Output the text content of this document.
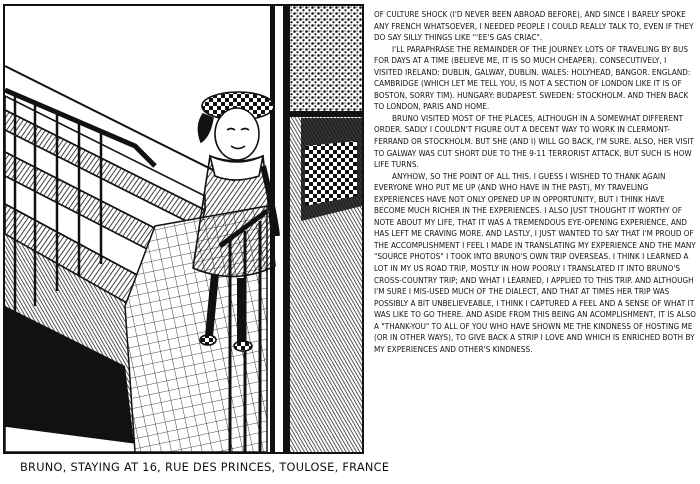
BRUNO, STAYING AT 16, RUE DES PRINCES, TOULOSE, FRANCE

OF CULTURE SHOCK (I'D NEVER BEEN ABROAD BEFORE), AND SINCE I BARELY SPOKE ANY FRENCH WHATSOEVER, I NEEDED PEOPLE I COULD REALLY TALK TO, EVEN IF THEY DO SAY SILLY THINGS LIKE "'EE'S GAS CRIAC".

I'LL PARAPHRASE THE REMAINDER OF THE JOURNEY. LOTS OF TRAVELING BY BUS FOR DAYS AT A TIME (BELIEVE ME, IT IS SO MUCH CHEAPER). CONSECUTIVELY, I VISITED IRELAND: DUBLIN, GALWAY, DUBLIN. WALES: HOLYHEAD, BANGOR. ENGLAND: CAMBRIDGE (WHICH LET ME TELL YOU, IS NOT A SECTION OF LONDON LIKE IT IS OF BOSTON, SORRY TIM). HUNGARY: BUDAPEST. SWEDEN: STOCKHOLM. AND THEN BACK TO LONDON, PARIS AND HOME.

BRUNO VISITED MOST OF THE PLACES, ALTHOUGH IN A SOMEWHAT DIFFERENT ORDER. SADLY I COULDN'T FIGURE OUT A DECENT WAY TO WORK IN CLERMONT-FERRAND OR STOCKHOLM. BUT SHE (AND I) WILL GO BACK, I'M SURE. ALSO, HER VISIT TO GALWAY WAS CUT SHORT DUE TO THE 9-11 TERRORIST ATTACK, BUT SUCH IS HOW LIFE TURNS.

ANYHOW, SO THE POINT OF ALL THIS. I GUESS I WISHED TO THANK AGAIN EVERYONE WHO PUT ME UP (AND WHO HAVE IN THE PAST), MY TRAVELING EXPERIENCES HAVE NOT ONLY OPENED UP IN OPPORTUNITY, BUT I THINK HAVE BECOME MUCH RICHER IN THE EXPERIENCES. I ALSO JUST THOUGHT IT WORTHY OF NOTE ABOUT MY LIFE, THAT IT WAS A TREMENDOUS EYE-OPENING EXPERIENCE, AND HAS LEFT ME CRAVING MORE. AND LASTLY, I JUST WANTED TO SAY THAT I'M PROUD OF THE ACCOMPLISHMENT I FEEL I MADE IN TRANSLATING MY EXPERIENCE AND THE MANY "SOURCE PHOTOS" I TOOK INTO BRUNO'S OWN TRIP OVERSEAS. I THINK I LEARNED A LOT IN MY US ROAD TRIP, MOSTLY IN HOW POORLY I TRANSLATED IT INTO BRUNO'S CROSS-COUNTRY TRIP; AND WHAT I LEARNED, I APPLIED TO THIS TRIP. AND ALTHOUGH I'M SURE I MIS-USED MUCH OF THE DIALECT, AND THAT AT TIMES HER TRIP WAS POSSIBLY A BIT UNBELIEVEABLE, I THINK I CAPTURED A FEEL AND A SENSE OF WHAT IT WAS LIKE TO GO THERE. AND ASIDE FROM THIS BEING AN ACOMPLISHMENT, IT IS ALSO A "THANK-YOU" TO ALL OF YOU WHO HAVE SHOWN ME THE KINDNESS OF HOSTING ME (OR IN OTHER WAYS), TO GIVE BACK A STRIP I LOVE AND WHICH IS ENRICHED BOTH BY MY EXPERIENCES AND OTHER'S KINDNESS.
